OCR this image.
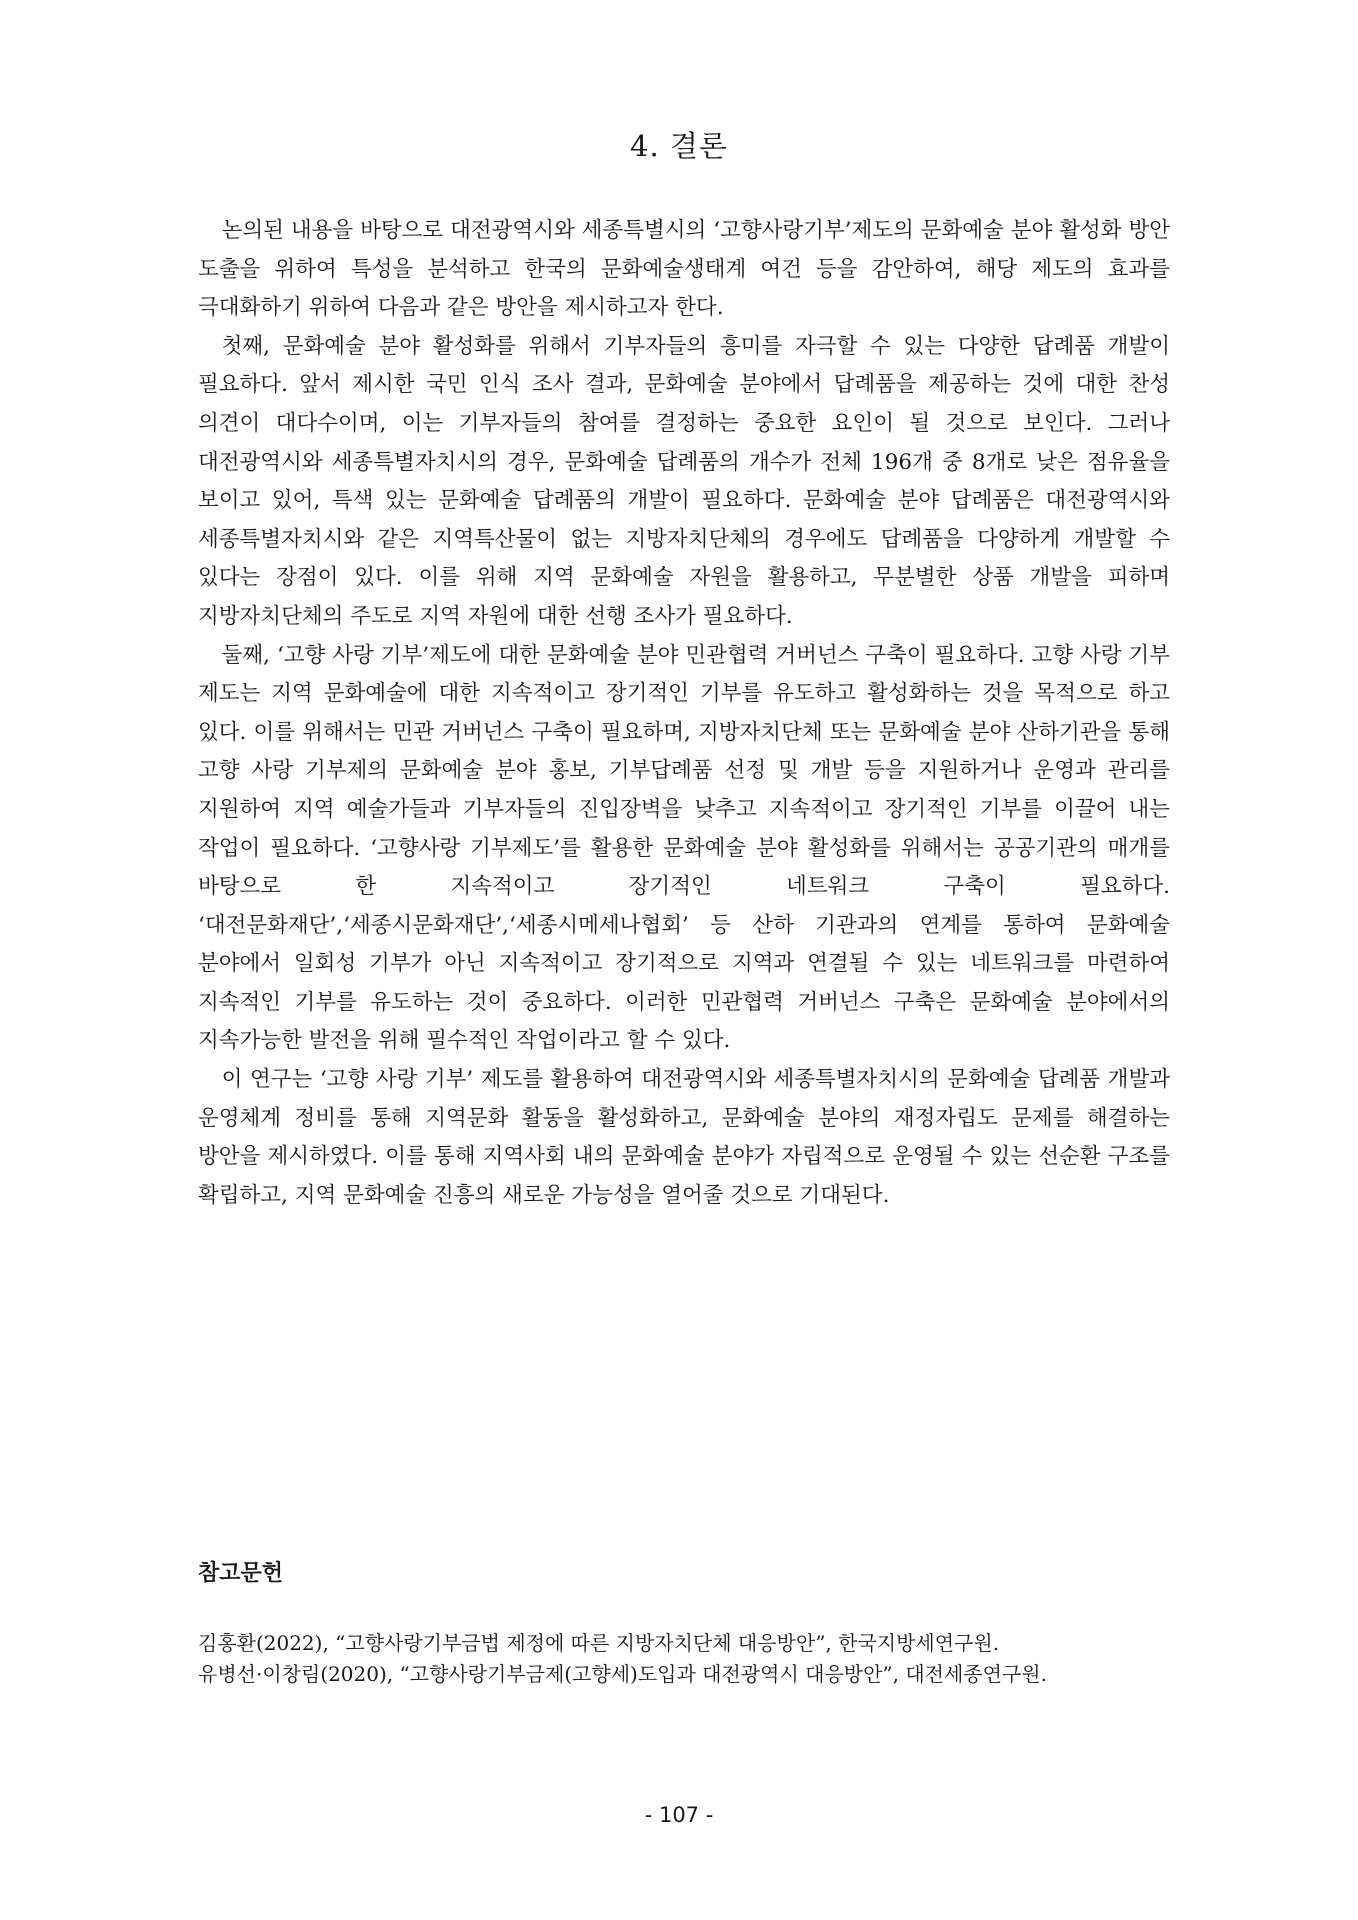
4. 결론

논의된 내용을 바탕으로 대전광역시와 세종특별시의 ‘고향사랑기부’제도의 문화예술 분야 활성화 방안 도출을 위하여 특성을 분석하고 한국의 문화예술생태계 여건 등을 감안하여, 해당 제도의 효과를 극대화하기 위하여 다음과 같은 방안을 제시하고자 한다.

첫째, 문화예술 분야 활성화를 위해서 기부자들의 흥미를 자극할 수 있는 다양한 답례품 개발이 필요하다. 앞서 제시한 국민 인식 조사 결과, 문화예술 분야에서 답례품을 제공하는 것에 대한 찬성 의견이 대다수이며, 이는 기부자들의 참여를 결정하는 중요한 요인이 될 것으로 보인다. 그러나 대전광역시와 세종특별자치시의 경우, 문화예술 답례품의 개수가 전체 196개 중 8개로 낮은 점유율을 보이고 있어, 특색 있는 문화예술 답례품의 개발이 필요하다. 문화예술 분야 답례품은 대전광역시와 세종특별자치시와 같은 지역특산물이 없는 지방자치단체의 경우에도 답례품을 다양하게 개발할 수 있다는 장점이 있다. 이를 위해 지역 문화예술 자원을 활용하고, 무분별한 상품 개발을 피하며 지방자치단체의 주도로 지역 자원에 대한 선행 조사가 필요하다.

둘째, ‘고향 사랑 기부’제도에 대한 문화예술 분야 민관협력 거버넌스 구축이 필요하다. 고향 사랑 기부 제도는 지역 문화예술에 대한 지속적이고 장기적인 기부를 유도하고 활성화하는 것을 목적으로 하고 있다. 이를 위해서는 민관 거버넌스 구축이 필요하며, 지방자치단체 또는 문화예술 분야 산하기관을 통해 고향 사랑 기부제의 문화예술 분야 홍보, 기부답례품 선정 및 개발 등을 지원하거나 운영과 관리를 지원하여 지역 예술가들과 기부자들의 진입장벽을 낮추고 지속적이고 장기적인 기부를 이끌어 내는 작업이 필요하다. ‘고향사랑 기부제도’를 활용한 문화예술 분야 활성화를 위해서는 공공기관의 매개를 바탕으로 한 지속적이고 장기적인 네트워크 구축이 필요하다. ‘대전문화재단’,‘세종시문화재단’,‘세종시메세나협회’ 등 산하 기관과의 연계를 통하여 문화예술 분야에서 일회성 기부가 아닌 지속적이고 장기적으로 지역과 연결될 수 있는 네트워크를 마련하여 지속적인 기부를 유도하는 것이 중요하다. 이러한 민관협력 거버넌스 구축은 문화예술 분야에서의 지속가능한 발전을 위해 필수적인 작업이라고 할 수 있다.

이 연구는 ‘고향 사랑 기부’ 제도를 활용하여 대전광역시와 세종특별자치시의 문화예술 답례품 개발과 운영체계 정비를 통해 지역문화 활동을 활성화하고, 문화예술 분야의 재정자립도 문제를 해결하는 방안을 제시하였다. 이를 통해 지역사회 내의 문화예술 분야가 자립적으로 운영될 수 있는 선순환 구조를 확립하고, 지역 문화예술 진흥의 새로운 가능성을 열어줄 것으로 기대된다.

참고문헌
김홍환(2022), “고향사랑기부금법 제정에 따른 지방자치단체 대응방안”, 한국지방세연구원.
유병선·이창림(2020), “고향사랑기부금제(고향세)도입과 대전광역시 대응방안”, 대전세종연구원.

- 107 -
